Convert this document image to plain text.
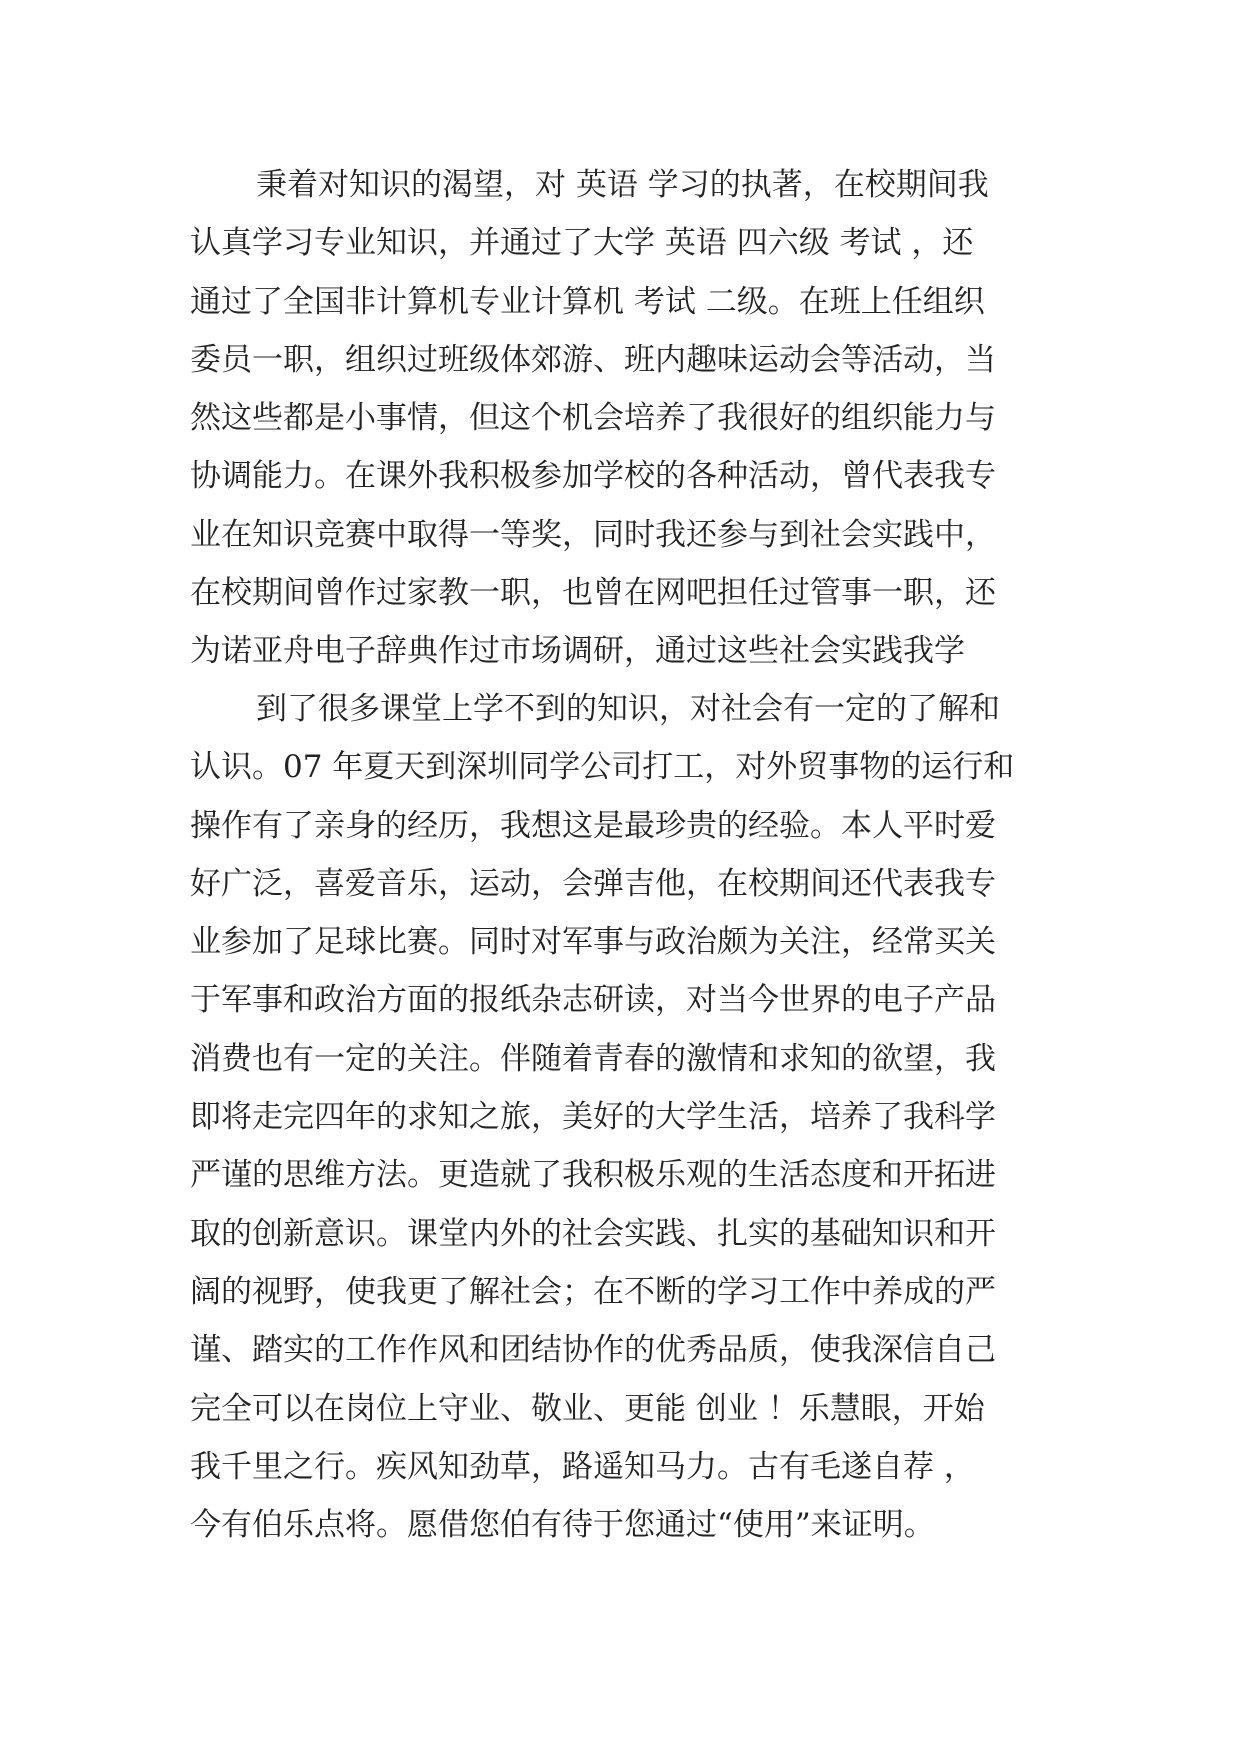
秉着对知识的渴望，对 英语 学习的执著，在校期间我
认真学习专业知识，并通过了大学 英语 四六级 考试 ，还
通过了全国非计算机专业计算机 考试 二级。在班上任组织
委员一职，组织过班级体郊游、班内趣味运动会等活动，当
然这些都是小事情，但这个机会培养了我很好的组织能力与
协调能力。在课外我积极参加学校的各种活动，曾代表我专
业在知识竞赛中取得一等奖，同时我还参与到社会实践中，
在校期间曾作过家教一职，也曾在网吧担任过管事一职，还
为诺亚舟电子辞典作过市场调研，通过这些社会实践我学
到了很多课堂上学不到的知识，对社会有一定的了解和
认识。07 年夏天到深圳同学公司打工，对外贸事物的运行和
操作有了亲身的经历，我想这是最珍贵的经验。本人平时爱
好广泛，喜爱音乐，运动，会弹吉他，在校期间还代表我专
业参加了足球比赛。同时对军事与政治颇为关注，经常买关
于军事和政治方面的报纸杂志研读，对当今世界的电子产品
消费也有一定的关注。伴随着青春的激情和求知的欲望，我
即将走完四年的求知之旅，美好的大学生活，培养了我科学
严谨的思维方法。更造就了我积极乐观的生活态度和开拓进
取的创新意识。课堂内外的社会实践、扎实的基础知识和开
阔的视野，使我更了解社会；在不断的学习工作中养成的严
谨、踏实的工作作风和团结协作的优秀品质，使我深信自己
完全可以在岗位上守业、敬业、更能 创业 ！乐慧眼，开始
我千里之行。疾风知劲草，路遥知马力。古有毛遂自荐 ，
今有伯乐点将。愿借您伯有待于您通过“使用”来证明。
